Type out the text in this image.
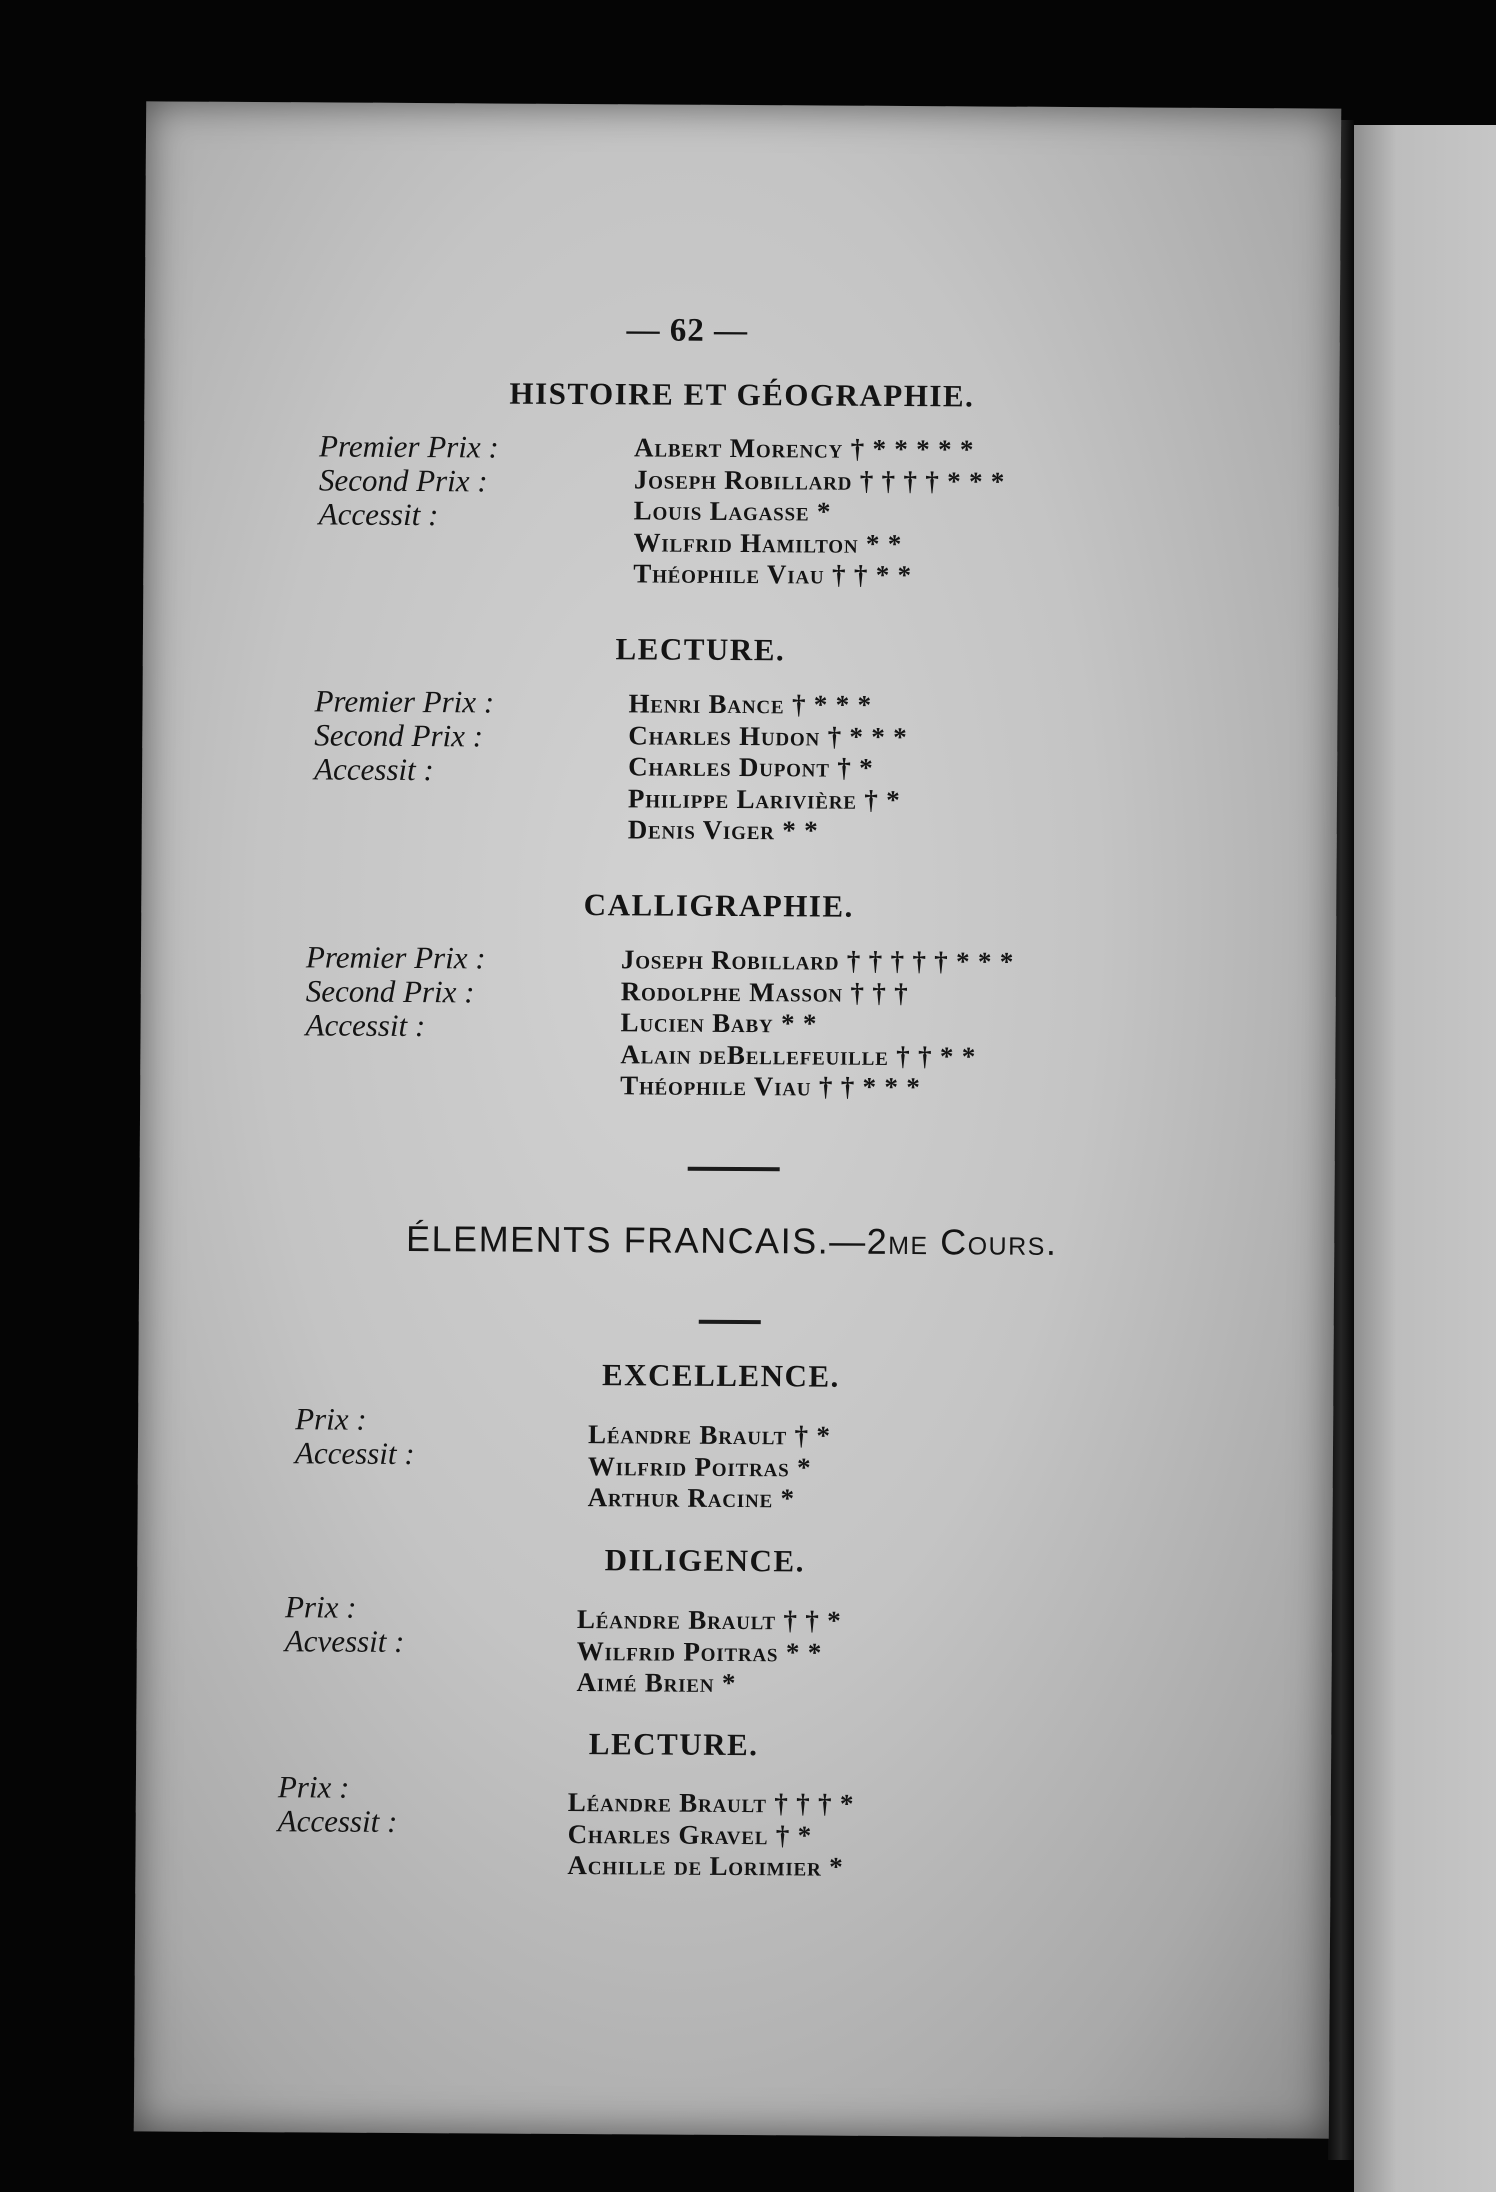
— 62 —
HISTOIRE ET GÉOGRAPHIE.
Premier Prix :
Second Prix :
Accessit :
Albert Morency † * * * * *
Joseph Robillard † † † † * * *
Louis Lagasse *
Wilfrid Hamilton * *
Théophile Viau † † * *
LECTURE.
Premier Prix :
Second Prix :
Accessit :
Henri Bance † * * *
Charles Hudon † * * *
Charles Dupont † *
Philippe Larivière † *
Denis Viger * *
CALLIGRAPHIE.
Premier Prix :
Second Prix :
Accessit :
Joseph Robillard † † † † † * * *
Rodolphe Masson † † †
Lucien Baby * *
Alain deBellefeuille † † * *
Théophile Viau † † * * *
ÉLEMENTS FRANCAIS.—2me Cours.
EXCELLENCE.
Prix :
Accessit :
Léandre Brault † *
Wilfrid Poitras *
Arthur Racine *
DILIGENCE.
Prix :
Acvessit :
Léandre Brault † † *
Wilfrid Poitras * *
Aimé Brien *
LECTURE.
Prix :
Accessit :
Léandre Brault † † † *
Charles Gravel † *
Achille de Lorimier *
